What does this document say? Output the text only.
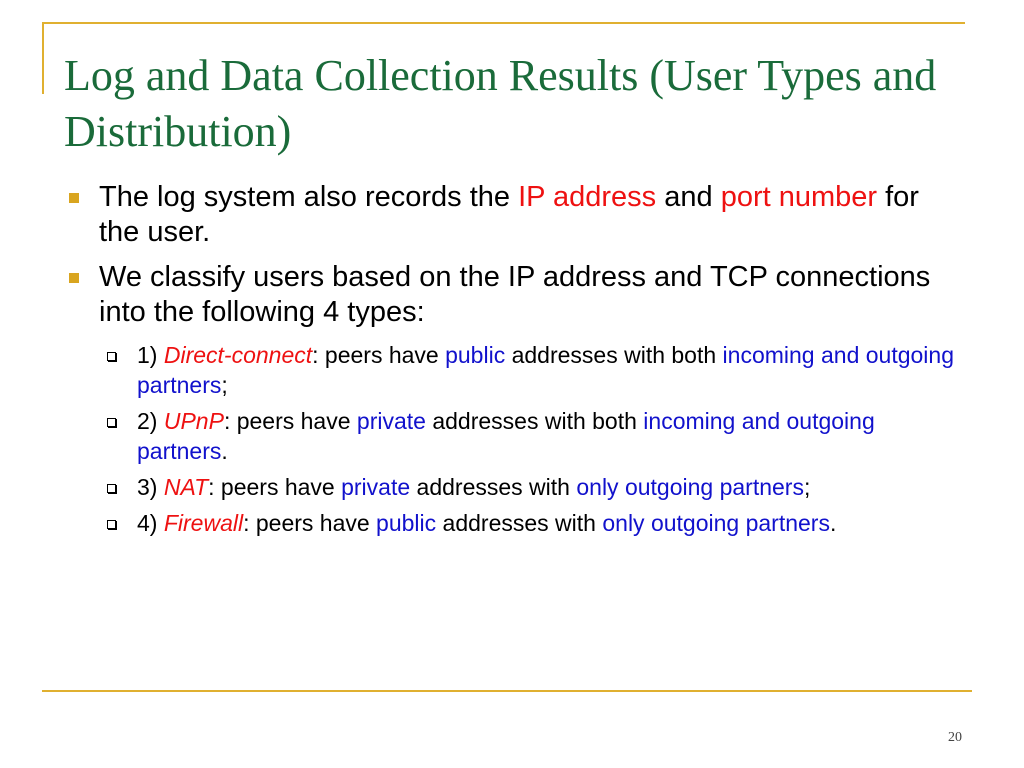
Log and Data Collection Results (User Types and Distribution)
The log system also records the IP address and port number for the user.
We classify users based on the IP address and TCP connections into the following 4 types:
1) Direct-connect: peers have public addresses with both incoming and outgoing partners;
2) UPnP: peers have private addresses with both incoming and outgoing partners.
3) NAT: peers have private addresses with only outgoing partners;
4) Firewall: peers have public addresses with only outgoing partners.
20
